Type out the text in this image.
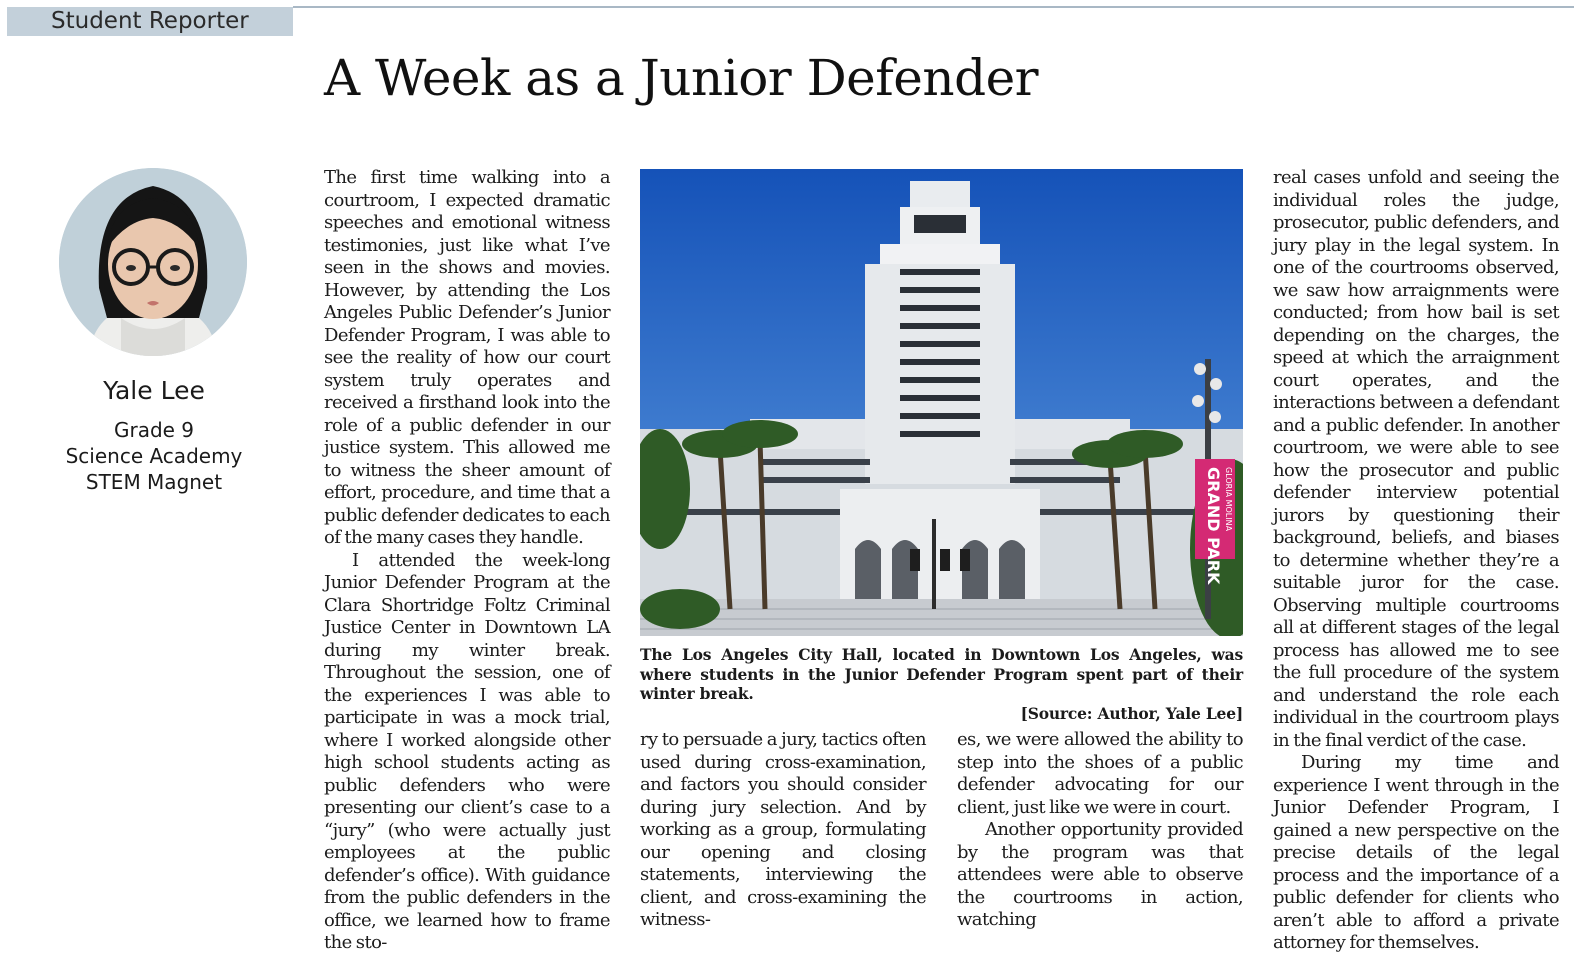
Student Reporter
A Week as a Junior Defender
Yale Lee
Grade 9
Science Academy
STEM Magnet

The first time walking into a courtroom, I expected dramatic speeches and emotional witness testimonies, just like what I’ve seen in the shows and movies. However, by attending the Los Angeles Public Defender’s Junior Defender Program, I was able to see the reality of how our court system truly operates and received a firsthand look into the role of a public defender in our justice system. This allowed me to witness the sheer amount of effort, procedure, and time that a public defender dedicates to each of the many cases they handle.

I attended the week-long Junior Defender Program at the Clara Shortridge Foltz Criminal Justice Center in Downtown LA during my winter break. Throughout the session, one of the experiences I was able to participate in was a mock trial, where I worked alongside other high school students acting as public defenders who were presenting our client’s case to a “jury” (who were actually just employees at the public defender’s office). With guidance from the public defenders in the office, we learned how to frame the sto-

GRAND PARK GLORIA MOLINA

The Los Angeles City Hall, located in Downtown Los Angeles, was where students in the Junior Defender Program spent part of their winter break.
[Source: Author, Yale Lee]

ry to persuade a jury, tactics often used during cross-examination, and factors you should consider during jury selection. And by working as a group, formulating our opening and closing statements, interviewing the client, and cross-examining the witness-

es, we were allowed the ability to step into the shoes of a public defender advocating for our client, just like we were in court.

Another opportunity provided by the program was that attendees were able to observe the courtrooms in action, watching

real cases unfold and seeing the individual roles the judge, prosecutor, public defenders, and jury play in the legal system. In one of the courtrooms observed, we saw how arraignments were conducted; from how bail is set depending on the charges, the speed at which the arraignment court operates, and the interactions between a defendant and a public defender. In another courtroom, we were able to see how the prosecutor and public defender interview potential jurors by questioning their background, beliefs, and biases to determine whether they’re a suitable juror for the case. Observing multiple courtrooms all at different stages of the legal process has allowed me to see the full procedure of the system and understand the role each individual in the courtroom plays in the final verdict of the case.

During my time and experience I went through in the Junior Defender Program, I gained a new perspective on the precise details of the legal process and the importance of a public defender for clients who aren’t able to afford a private attorney for themselves.
